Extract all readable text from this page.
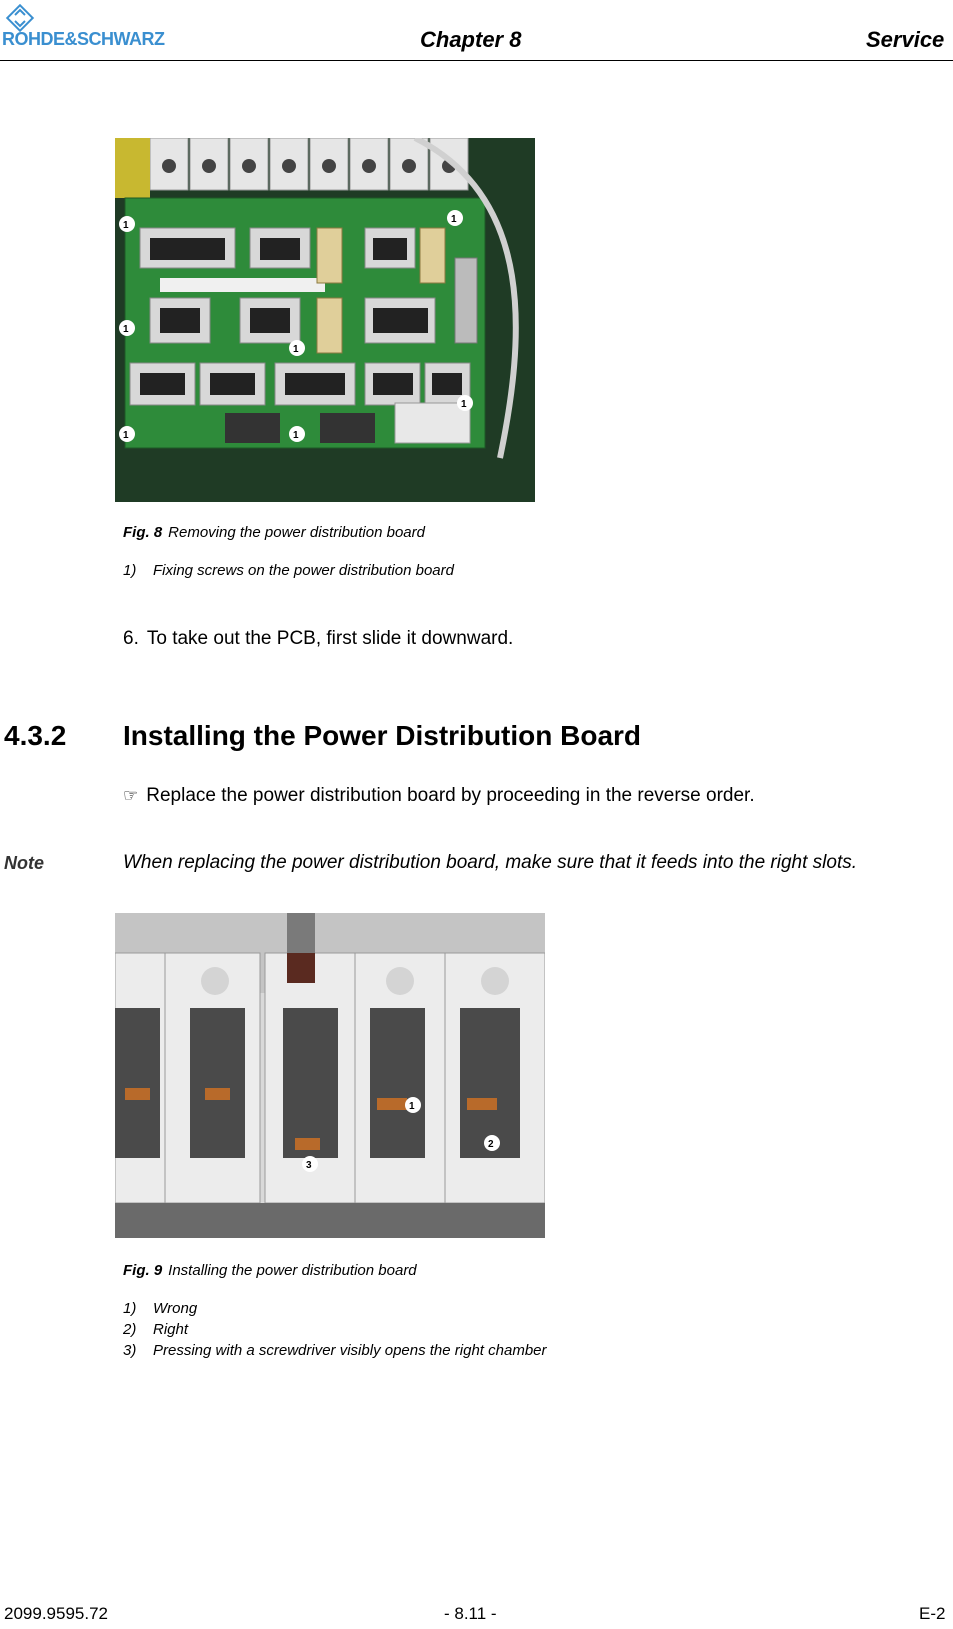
ROHDE&SCHWARZ	Chapter 8	Service
1
1
1
1
1
1	1
Fig. 8 Removing the power distribution board
1) Fixing screws on the power distribution board
6. To take out the PCB, first slide it downward.
4.3.2 Installing the Power Distribution Board
☞ Replace the power distribution board by proceeding in the reverse order.
Note	When replacing the power distribution board, make sure that it feeds into the right slots.
1
2
3
Fig. 9 Installing the power distribution board
1) Wrong
2) Right
3) Pressing with a screwdriver visibly opens the right chamber
2099.9595.72	- 8.11 -	E-2
